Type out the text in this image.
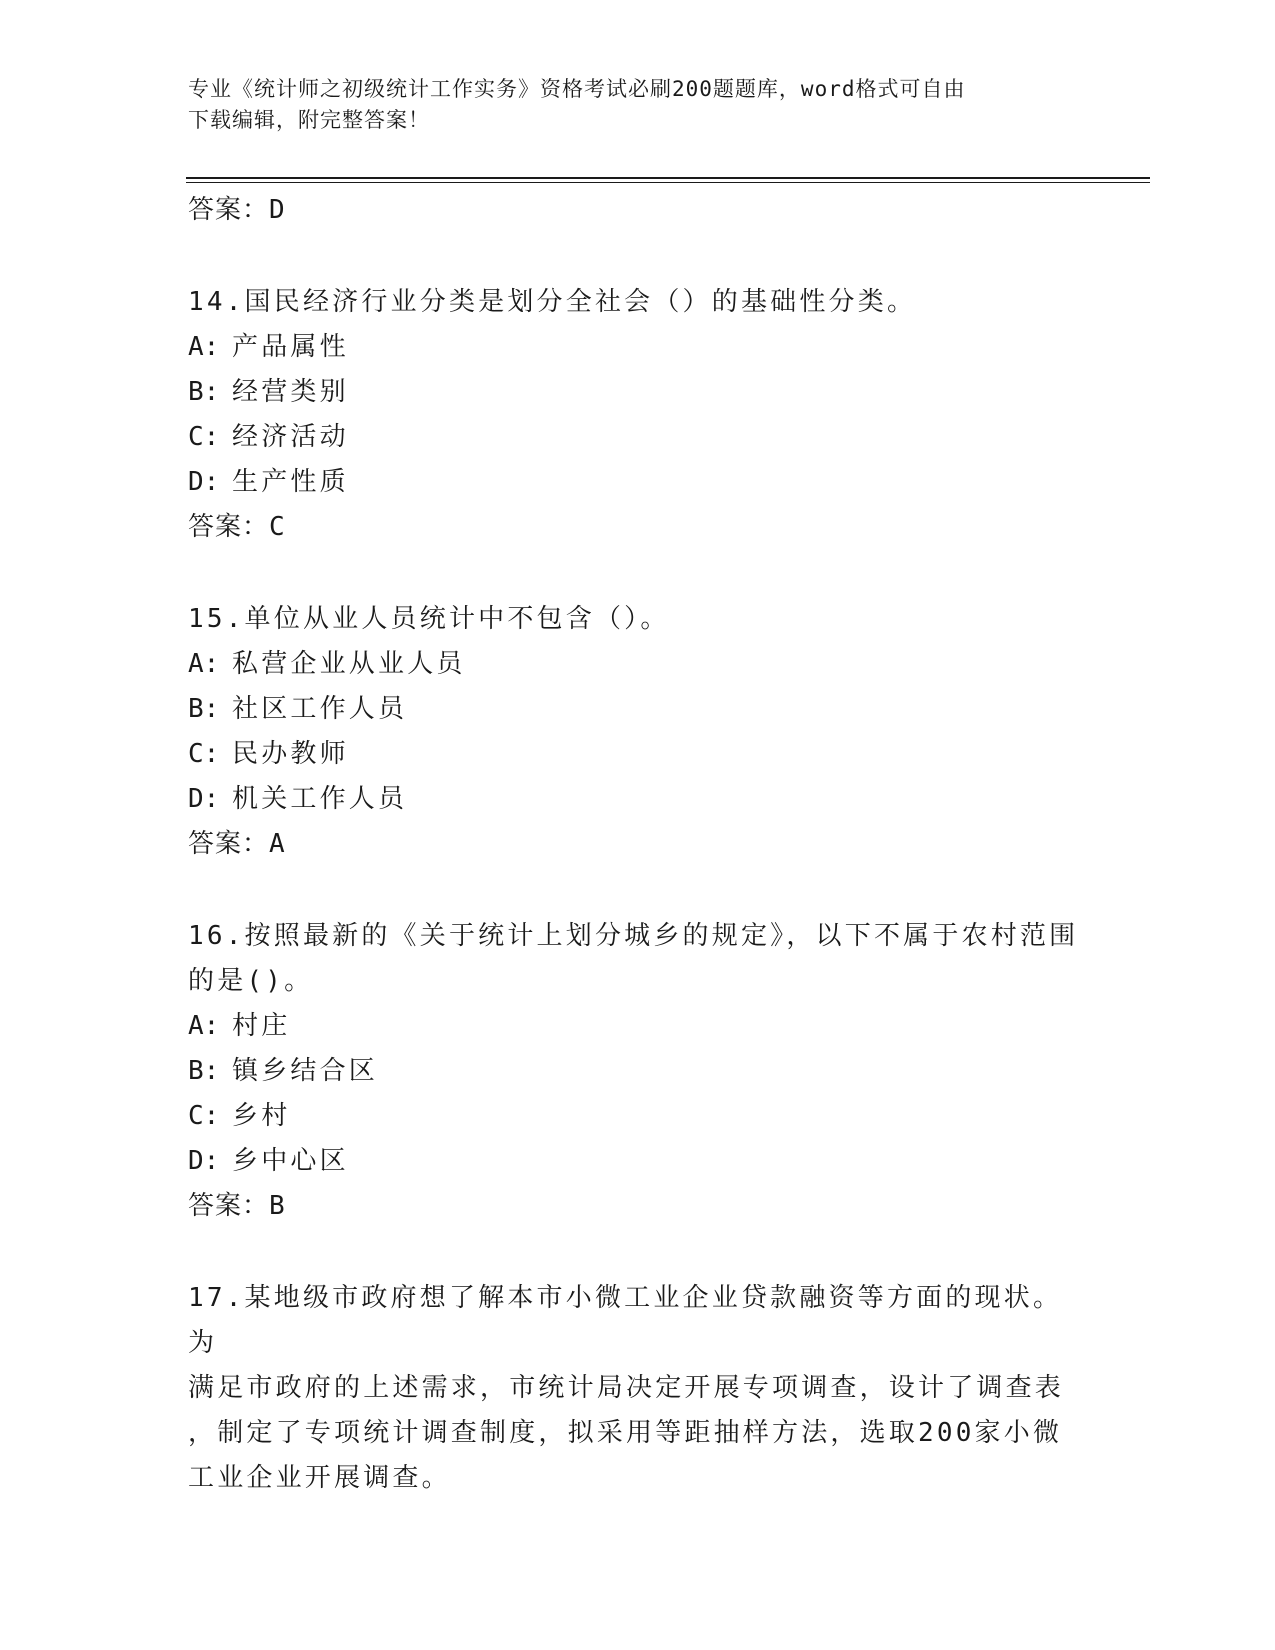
专业《统计师之初级统计工作实务》资格考试必刷200题题库，word格式可自由
下载编辑，附完整答案！
答案：D
14.国民经济行业分类是划分全社会（）的基础性分类。
A: 产品属性
B: 经营类别
C: 经济活动
D: 生产性质
答案：C
15.单位从业人员统计中不包含（）。
A: 私营企业从业人员
B: 社区工作人员
C: 民办教师
D: 机关工作人员
答案：A
16.按照最新的《关于统计上划分城乡的规定》，以下不属于农村范围
的是()。
A: 村庄
B: 镇乡结合区
C: 乡村
D: 乡中心区
答案：B
17.某地级市政府想了解本市小微工业企业贷款融资等方面的现状。为
满足市政府的上述需求，市统计局决定开展专项调查，设计了调查表
，制定了专项统计调查制度，拟采用等距抽样方法，选取200家小微
工业企业开展调查。
